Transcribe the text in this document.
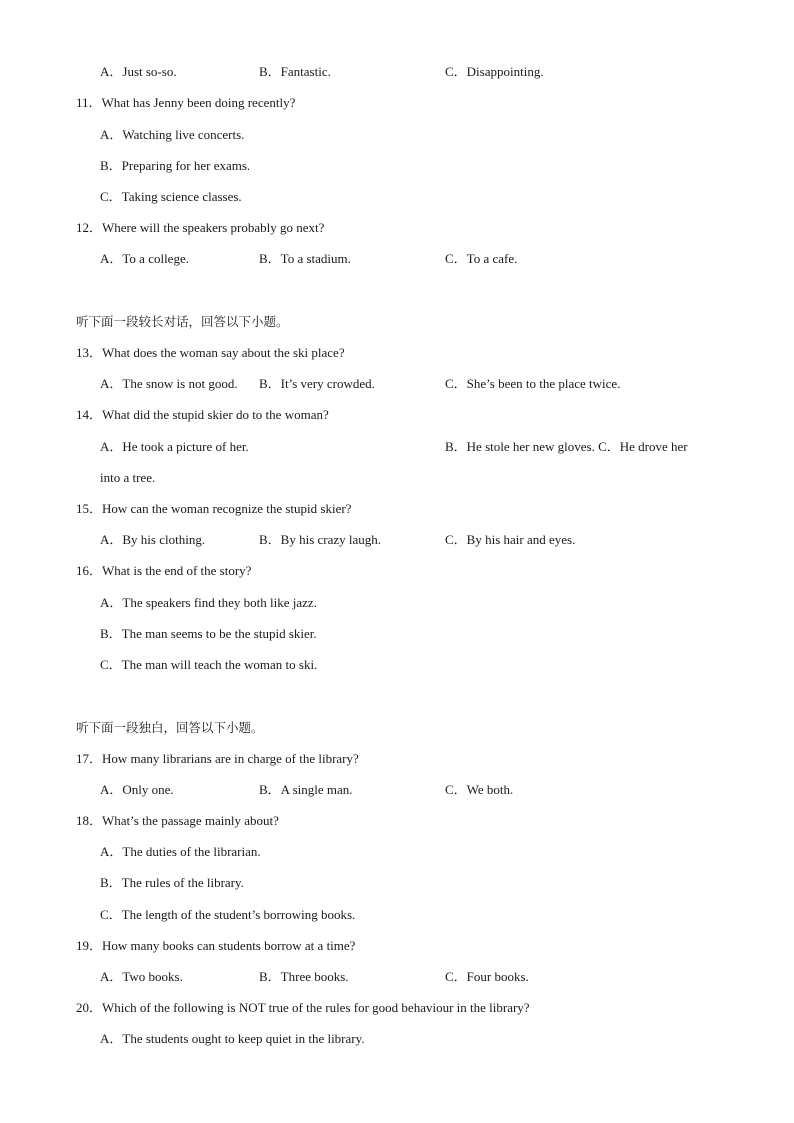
A．Just so-so.	B．Fantastic.	C．Disappointing.
11．What has Jenny been doing recently?
A．Watching live concerts.
B．Preparing for her exams.
C．Taking science classes.
12．Where will the speakers probably go next?
A．To a college.	B．To a stadium.	C．To a cafe.
听下面一段较长对话，回答以下小题。
13．What does the woman say about the ski place?
A．The snow is not good. B．It’s very crowded.	C．She’s been to the place twice.
14．What did the stupid skier do to the woman?
A．He took a picture of her.	B．He stole her new gloves. C．He drove her
into a tree.
15．How can the woman recognize the stupid skier?
A．By his clothing.	B．By his crazy laugh.	C．By his hair and eyes.
16．What is the end of the story?
A．The speakers find they both like jazz.
B．The man seems to be the stupid skier.
C．The man will teach the woman to ski.
听下面一段独白，回答以下小题。
17．How many librarians are in charge of the library?
A．Only one.	B．A single man.	C．We both.
18．What’s the passage mainly about?
A．The duties of the librarian.
B．The rules of the library.
C．The length of the student’s borrowing books.
19．How many books can students borrow at a time?
A．Two books.	B．Three books.	C．Four books.
20．Which of the following is NOT true of the rules for good behaviour in the library?
A．The students ought to keep quiet in the library.
